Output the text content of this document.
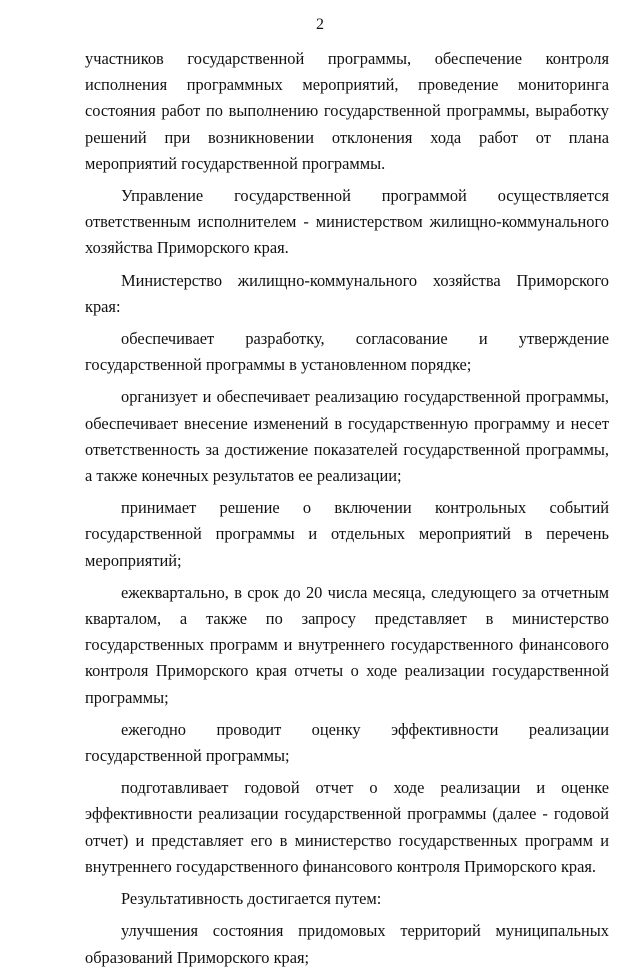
2

участников государственной программы, обеспечение контроля исполнения программных мероприятий, проведение мониторинга состояния работ по выполнению государственной программы, выработку решений при возникновении отклонения хода работ от плана мероприятий государственной программы.

Управление государственной программой осуществляется ответственным исполнителем - министерством жилищно-коммунального хозяйства Приморского края.

Министерство жилищно-коммунального хозяйства Приморского края:

обеспечивает разработку, согласование и утверждение государственной программы в установленном порядке;

организует и обеспечивает реализацию государственной программы, обеспечивает внесение изменений в государственную программу и несет ответственность за достижение показателей государственной программы, а также конечных результатов ее реализации;

принимает решение о включении контрольных событий государственной программы и отдельных мероприятий в перечень мероприятий;

ежеквартально, в срок до 20 числа месяца, следующего за отчетным кварталом, а также по запросу представляет в министерство государственных программ и внутреннего государственного финансового контроля Приморского края отчеты о ходе реализации государственной программы;

ежегодно проводит оценку эффективности реализации государственной программы;

подготавливает годовой отчет о ходе реализации и оценке эффективности реализации государственной программы (далее - годовой отчет) и представляет его в министерство государственных программ и внутреннего государственного финансового контроля Приморского края.

Результативность достигается путем:

улучшения состояния придомовых территорий муниципальных образований Приморского края;
